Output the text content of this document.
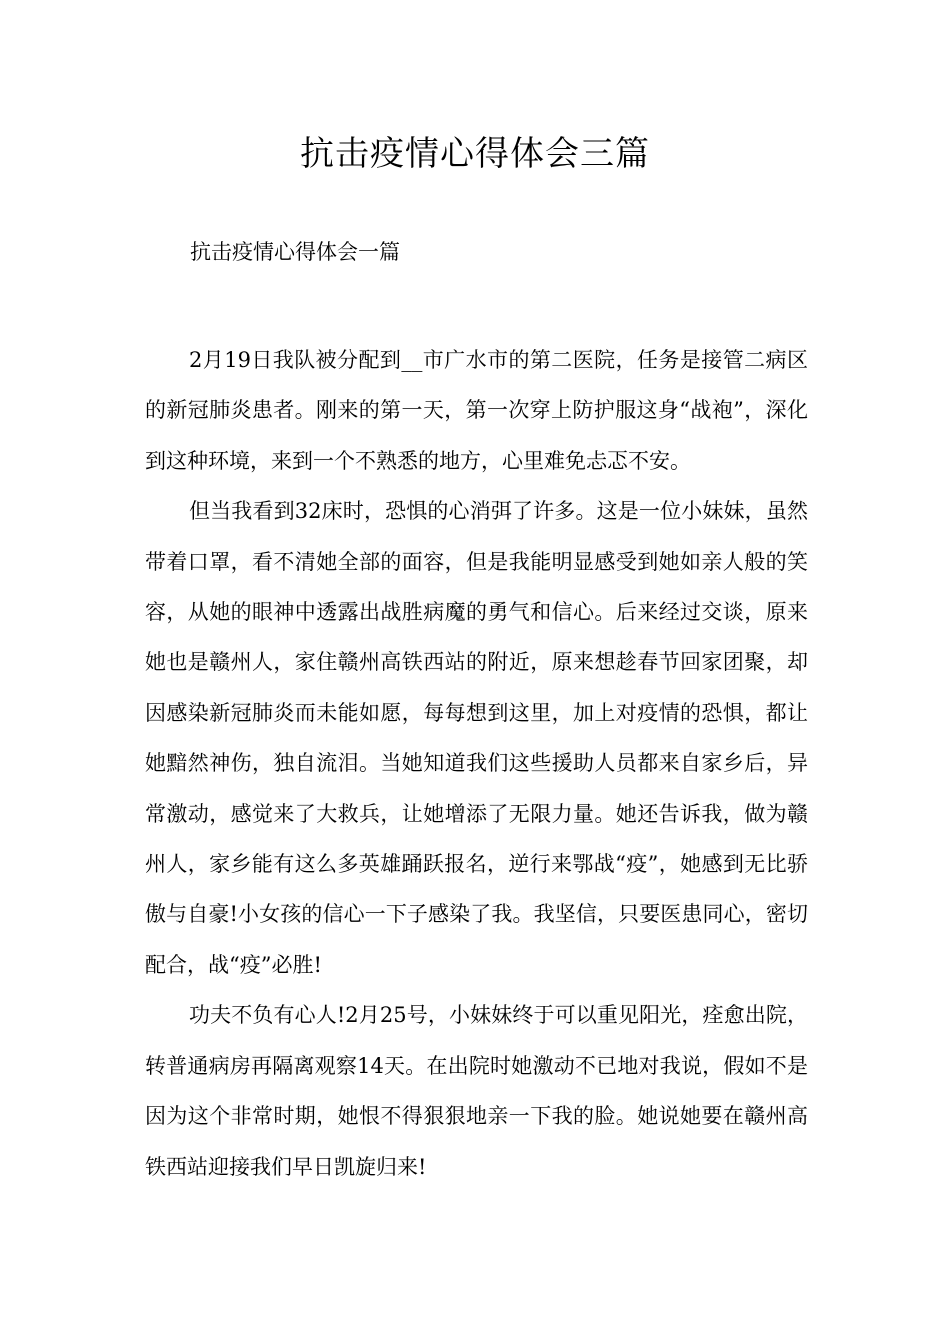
抗击疫情心得体会三篇
抗击疫情心得体会一篇

2月19日我队被分配到__市广水市的第二医院，任务是接管二病区的新冠肺炎患者。刚来的第一天，第一次穿上防护服这身“战袍”，深化到这种环境，来到一个不熟悉的地方，心里难免忐忑不安。

但当我看到32床时，恐惧的心消弭了许多。这是一位小妹妹，虽然带着口罩，看不清她全部的面容，但是我能明显感受到她如亲人般的笑容，从她的眼神中透露出战胜病魔的勇气和信心。后来经过交谈，原来她也是赣州人，家住赣州高铁西站的附近，原来想趁春节回家团聚，却因感染新冠肺炎而未能如愿，每每想到这里，加上对疫情的恐惧，都让她黯然神伤，独自流泪。当她知道我们这些援助人员都来自家乡后，异常激动，感觉来了大救兵，让她增添了无限力量。她还告诉我，做为赣州人，家乡能有这么多英雄踊跃报名，逆行来鄂战“疫”，她感到无比骄傲与自豪!小女孩的信心一下子感染了我。我坚信，只要医患同心，密切配合，战“疫”必胜!

功夫不负有心人!2月25号，小妹妹终于可以重见阳光，痊愈出院，转普通病房再隔离观察14天。在出院时她激动不已地对我说，假如不是因为这个非常时期，她恨不得狠狠地亲一下我的脸。她说她要在赣州高铁西站迎接我们早日凯旋归来!
